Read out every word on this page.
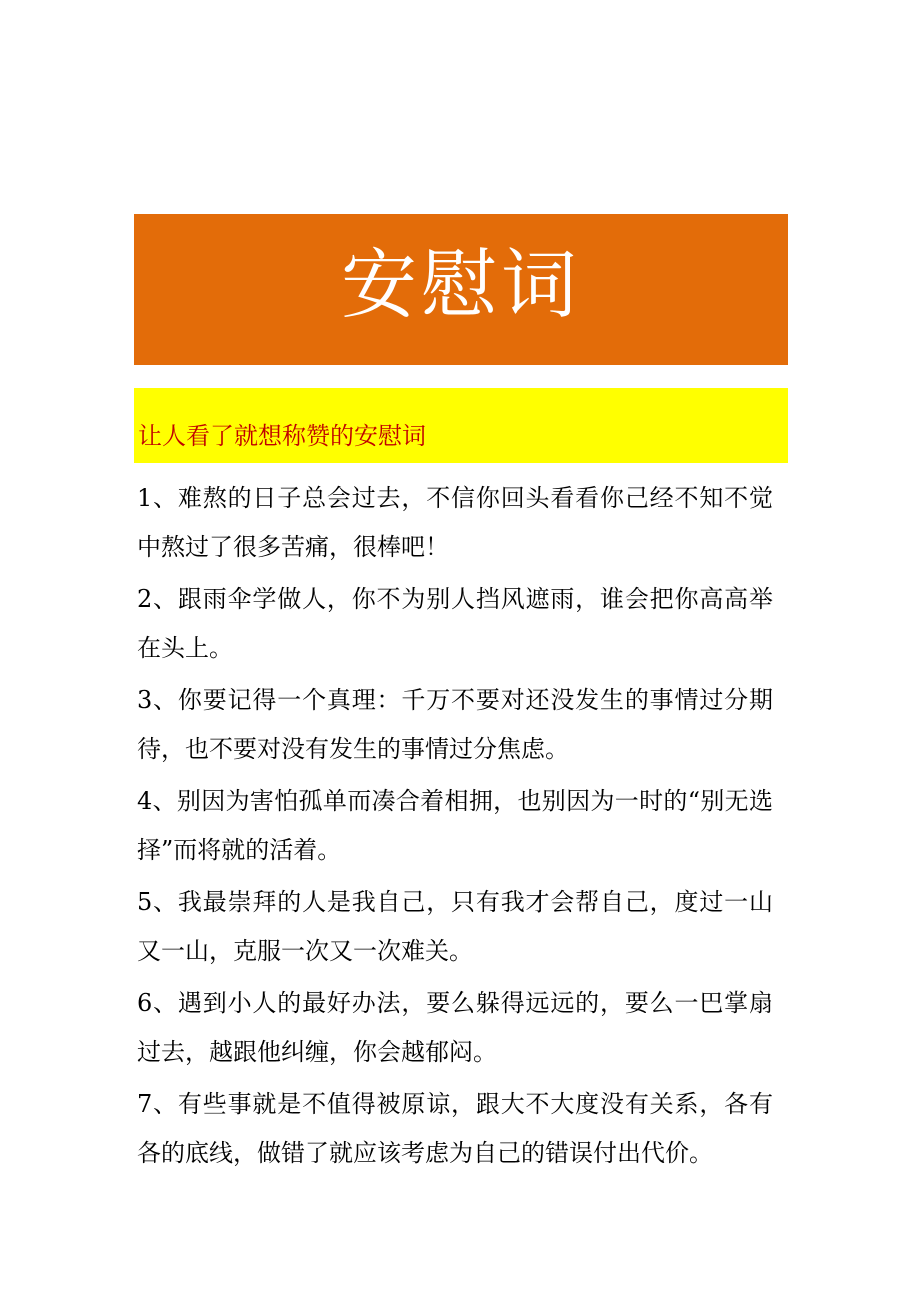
安慰词
让人看了就想称赞的安慰词

1、难熬的日子总会过去，不信你回头看看你己经不知不觉中熬过了很多苦痛，很棒吧！

2、跟雨伞学做人，你不为别人挡风遮雨，谁会把你高高举在头上。

3、你要记得一个真理：千万不要对还没发生的事情过分期待，也不要对没有发生的事情过分焦虑。

4、别因为害怕孤单而凑合着相拥，也别因为一时的“别无选择”而将就的活着。

5、我最崇拜的人是我自己，只有我才会帮自己，度过一山又一山，克服一次又一次难关。

6、遇到小人的最好办法，要么躲得远远的，要么一巴掌扇过去，越跟他纠缠，你会越郁闷。

7、有些事就是不值得被原谅，跟大不大度没有关系，各有各的底线，做错了就应该考虑为自己的错误付出代价。
